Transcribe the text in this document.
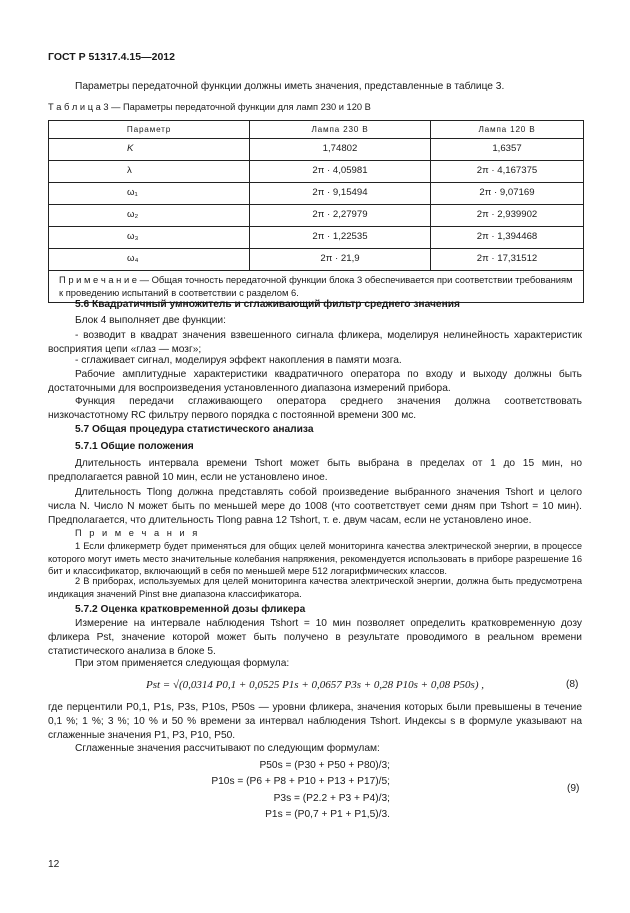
ГОСТ Р 51317.4.15—2012
Параметры передаточной функции должны иметь значения, представленные в таблице 3.
Т а б л и ц а 3 — Параметры передаточной функции для ламп 230 и 120 В
Параметр	Лампа 230 В	Лампа 120 В
K	1,74802	1,6357
λ	2π · 4,05981	2π · 4,167375
ω₁	2π · 9,15494	2π · 9,07169
ω₂	2π · 2,27979	2π · 2,939902
ω₃	2π · 1,22535	2π · 1,394468
ω₄	2π · 21,9	2π · 17,31512
П р и м е ч а н и е — Общая точность передаточной функции блока 3 обеспечивается при соответствии требованиям к проведению испытаний в соответствии с разделом 6.		
5.6 Квадратичный умножитель и сглаживающий фильтр среднего значения
Блок 4 выполняет две функции:
- возводит в квадрат значения взвешенного сигнала фликера, моделируя нелинейность характеристик восприятия цепи «глаз — мозг»;
- сглаживает сигнал, моделируя эффект накопления в памяти мозга.
Рабочие амплитудные характеристики квадратичного оператора по входу и выходу должны быть достаточными для воспроизведения установленного диапазона измерений прибора.
Функция передачи сглаживающего оператора среднего значения должна соответствовать низкочастотному RC фильтру первого порядка с постоянной времени 300 мс.
5.7 Общая процедура статистического анализа
5.7.1 Общие положения
Длительность интервала времени Tshort может быть выбрана в пределах от 1 до 15 мин, но предполагается равной 10 мин, если не установлено иное.
Длительность Tlong должна представлять собой произведение выбранного значения Tshort и целого числа N. Число N может быть по меньшей мере до 1008 (что соответствует семи дням при Tshort = 10 мин). Предполагается, что длительность Tlong равна 12 Tshort, т. е. двум часам, если не установлено иное.
П р и м е ч а н и я
1 Если фликерметр будет применяться для общих целей мониторинга качества электрической энергии, в процессе которого могут иметь место значительные колебания напряжения, рекомендуется использовать в приборе разрешение 16 бит и классификатор, включающий в себя по меньшей мере 512 логарифмических классов.
2 В приборах, используемых для целей мониторинга качества электрической энергии, должна быть предусмотрена индикация значений Pinst вне диапазона классификатора.
5.7.2 Оценка кратковременной дозы фликера
Измерение на интервале наблюдения Tshort = 10 мин позволяет определить кратковременную дозу фликера Pst, значение которой может быть получено в результате проводимого в реальном времени статистического анализа в блоке 5.
При этом применяется следующая формула:
Pst = √(0,0314 P0,1 + 0,0525 P1s + 0,0657 P3s + 0,28 P10s + 0,08 P50s) ,	(8)
где перцентили P0,1, P1s, P3s, P10s, P50s — уровни фликера, значения которых были превышены в течение 0,1 %; 1 %; 3 %; 10 % и 50 % времени за интервал наблюдения Tshort. Индексы s в формуле указывают на сглаженные значения P1, P3, P10, P50.
Сглаженные значения рассчитывают по следующим формулам:
P50s = (P30 + P50 + P80)/3;
P10s = (P6 + P8 + P10 + P13 + P17)/5;
P3s = (P2.2 + P3 + P4)/3;
P1s = (P0,7 + P1 + P1,5)/3.
(9)
12
